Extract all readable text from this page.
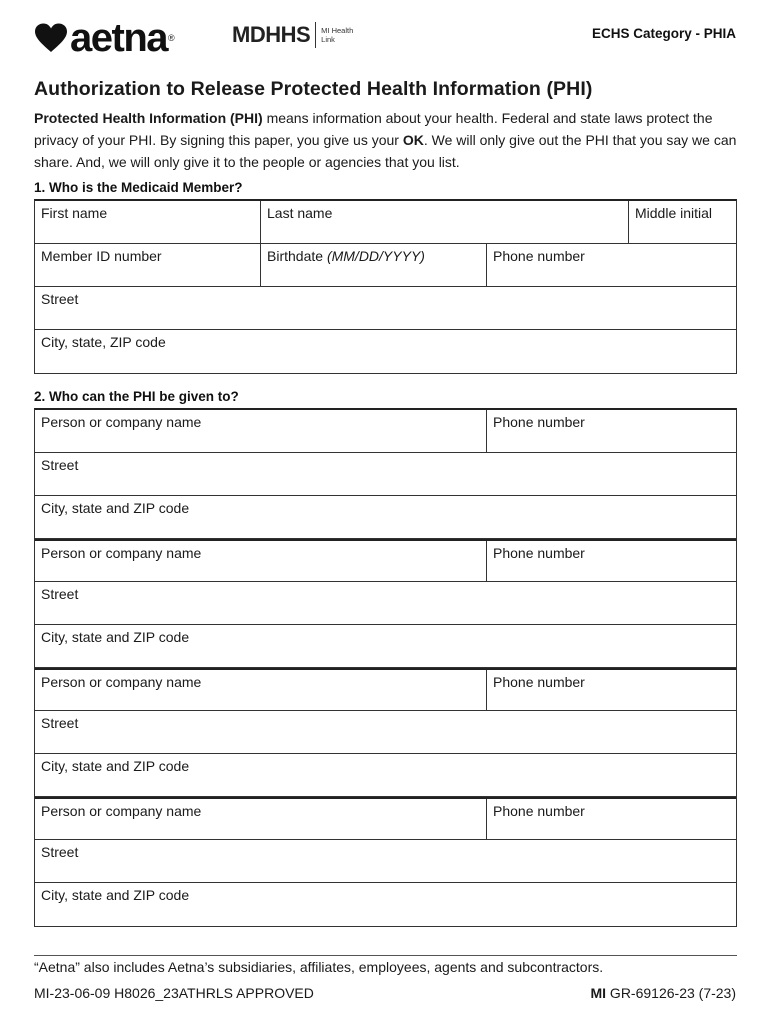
aetna ®	MDHHS MI Health
Link	ECHS Category - PHIA
Authorization to Release Protected Health Information (PHI)
Protected Health Information (PHI) means information about your health. Federal and state laws protect the privacy of your PHI. By signing this paper, you give us your OK. We will only give out the PHI that you say we can share. And, we will only give it to the people or agencies that you list.
1. Who is the Medicaid Member?
First name	Last name	Middle initial
Member ID number	Birthdate (MM/DD/YYYY)	Phone number
Street
City, state, ZIP code
2. Who can the PHI be given to?
Person or company name	Phone number
Street
City, state and ZIP code
Person or company name	Phone number
Street
City, state and ZIP code
Person or company name	Phone number
Street
City, state and ZIP code
Person or company name	Phone number
Street
City, state and ZIP code
“Aetna” also includes Aetna’s subsidiaries, affiliates, employees, agents and subcontractors.
MI-23-06-09 H8026_23ATHRLS APPROVED	MI GR-69126-23 (7-23)
